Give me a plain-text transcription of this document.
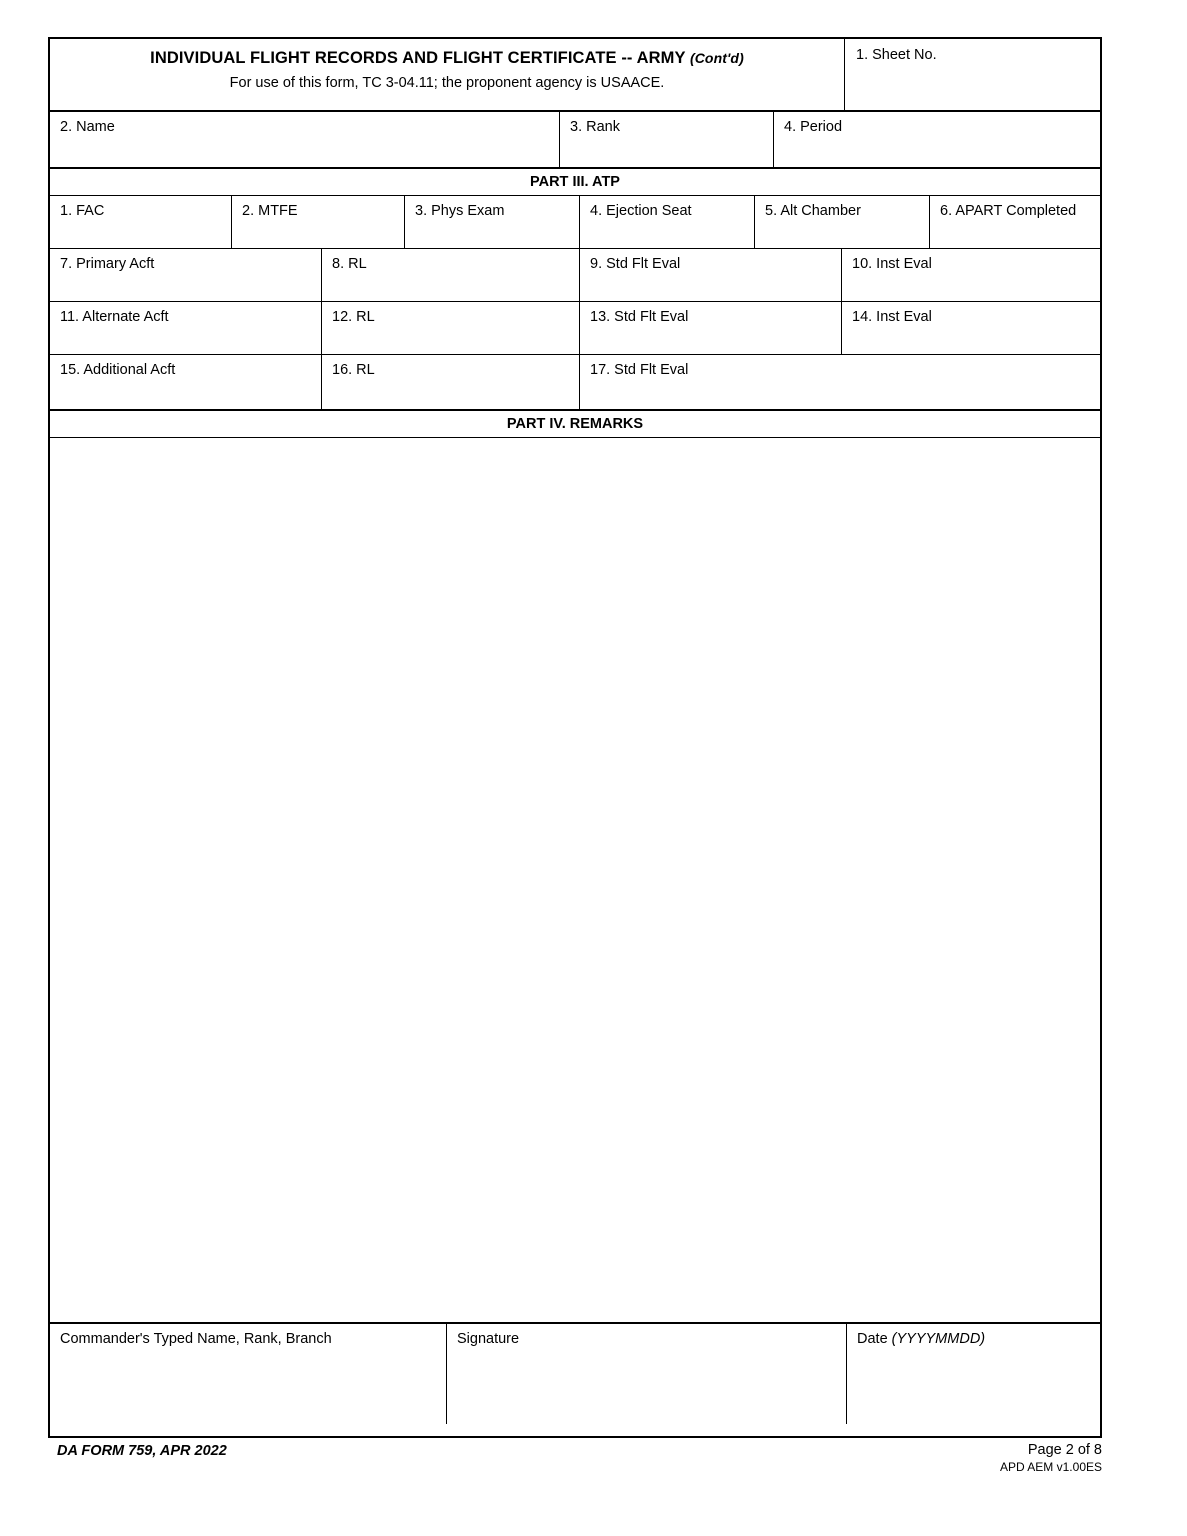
INDIVIDUAL FLIGHT RECORDS AND FLIGHT CERTIFICATE -- ARMY (Cont'd)
For use of this form, TC 3-04.11; the proponent agency is USAACE.
1. Sheet No.
2. Name	3. Rank	4. Period
PART III. ATP
1. FAC	2. MTFE	3. Phys Exam	4. Ejection Seat	5. Alt Chamber	6. APART Completed
7. Primary Acft	8. RL	9. Std Flt Eval	10. Inst Eval
11. Alternate Acft	12. RL	13. Std Flt Eval	14. Inst Eval
15. Additional Acft	16. RL	17. Std Flt Eval
PART IV. REMARKS
Commander's Typed Name, Rank, Branch	Signature	Date (YYYYMMDD)
DA FORM 759, APR 2022	Page 2 of 8
APD AEM v1.00ES
